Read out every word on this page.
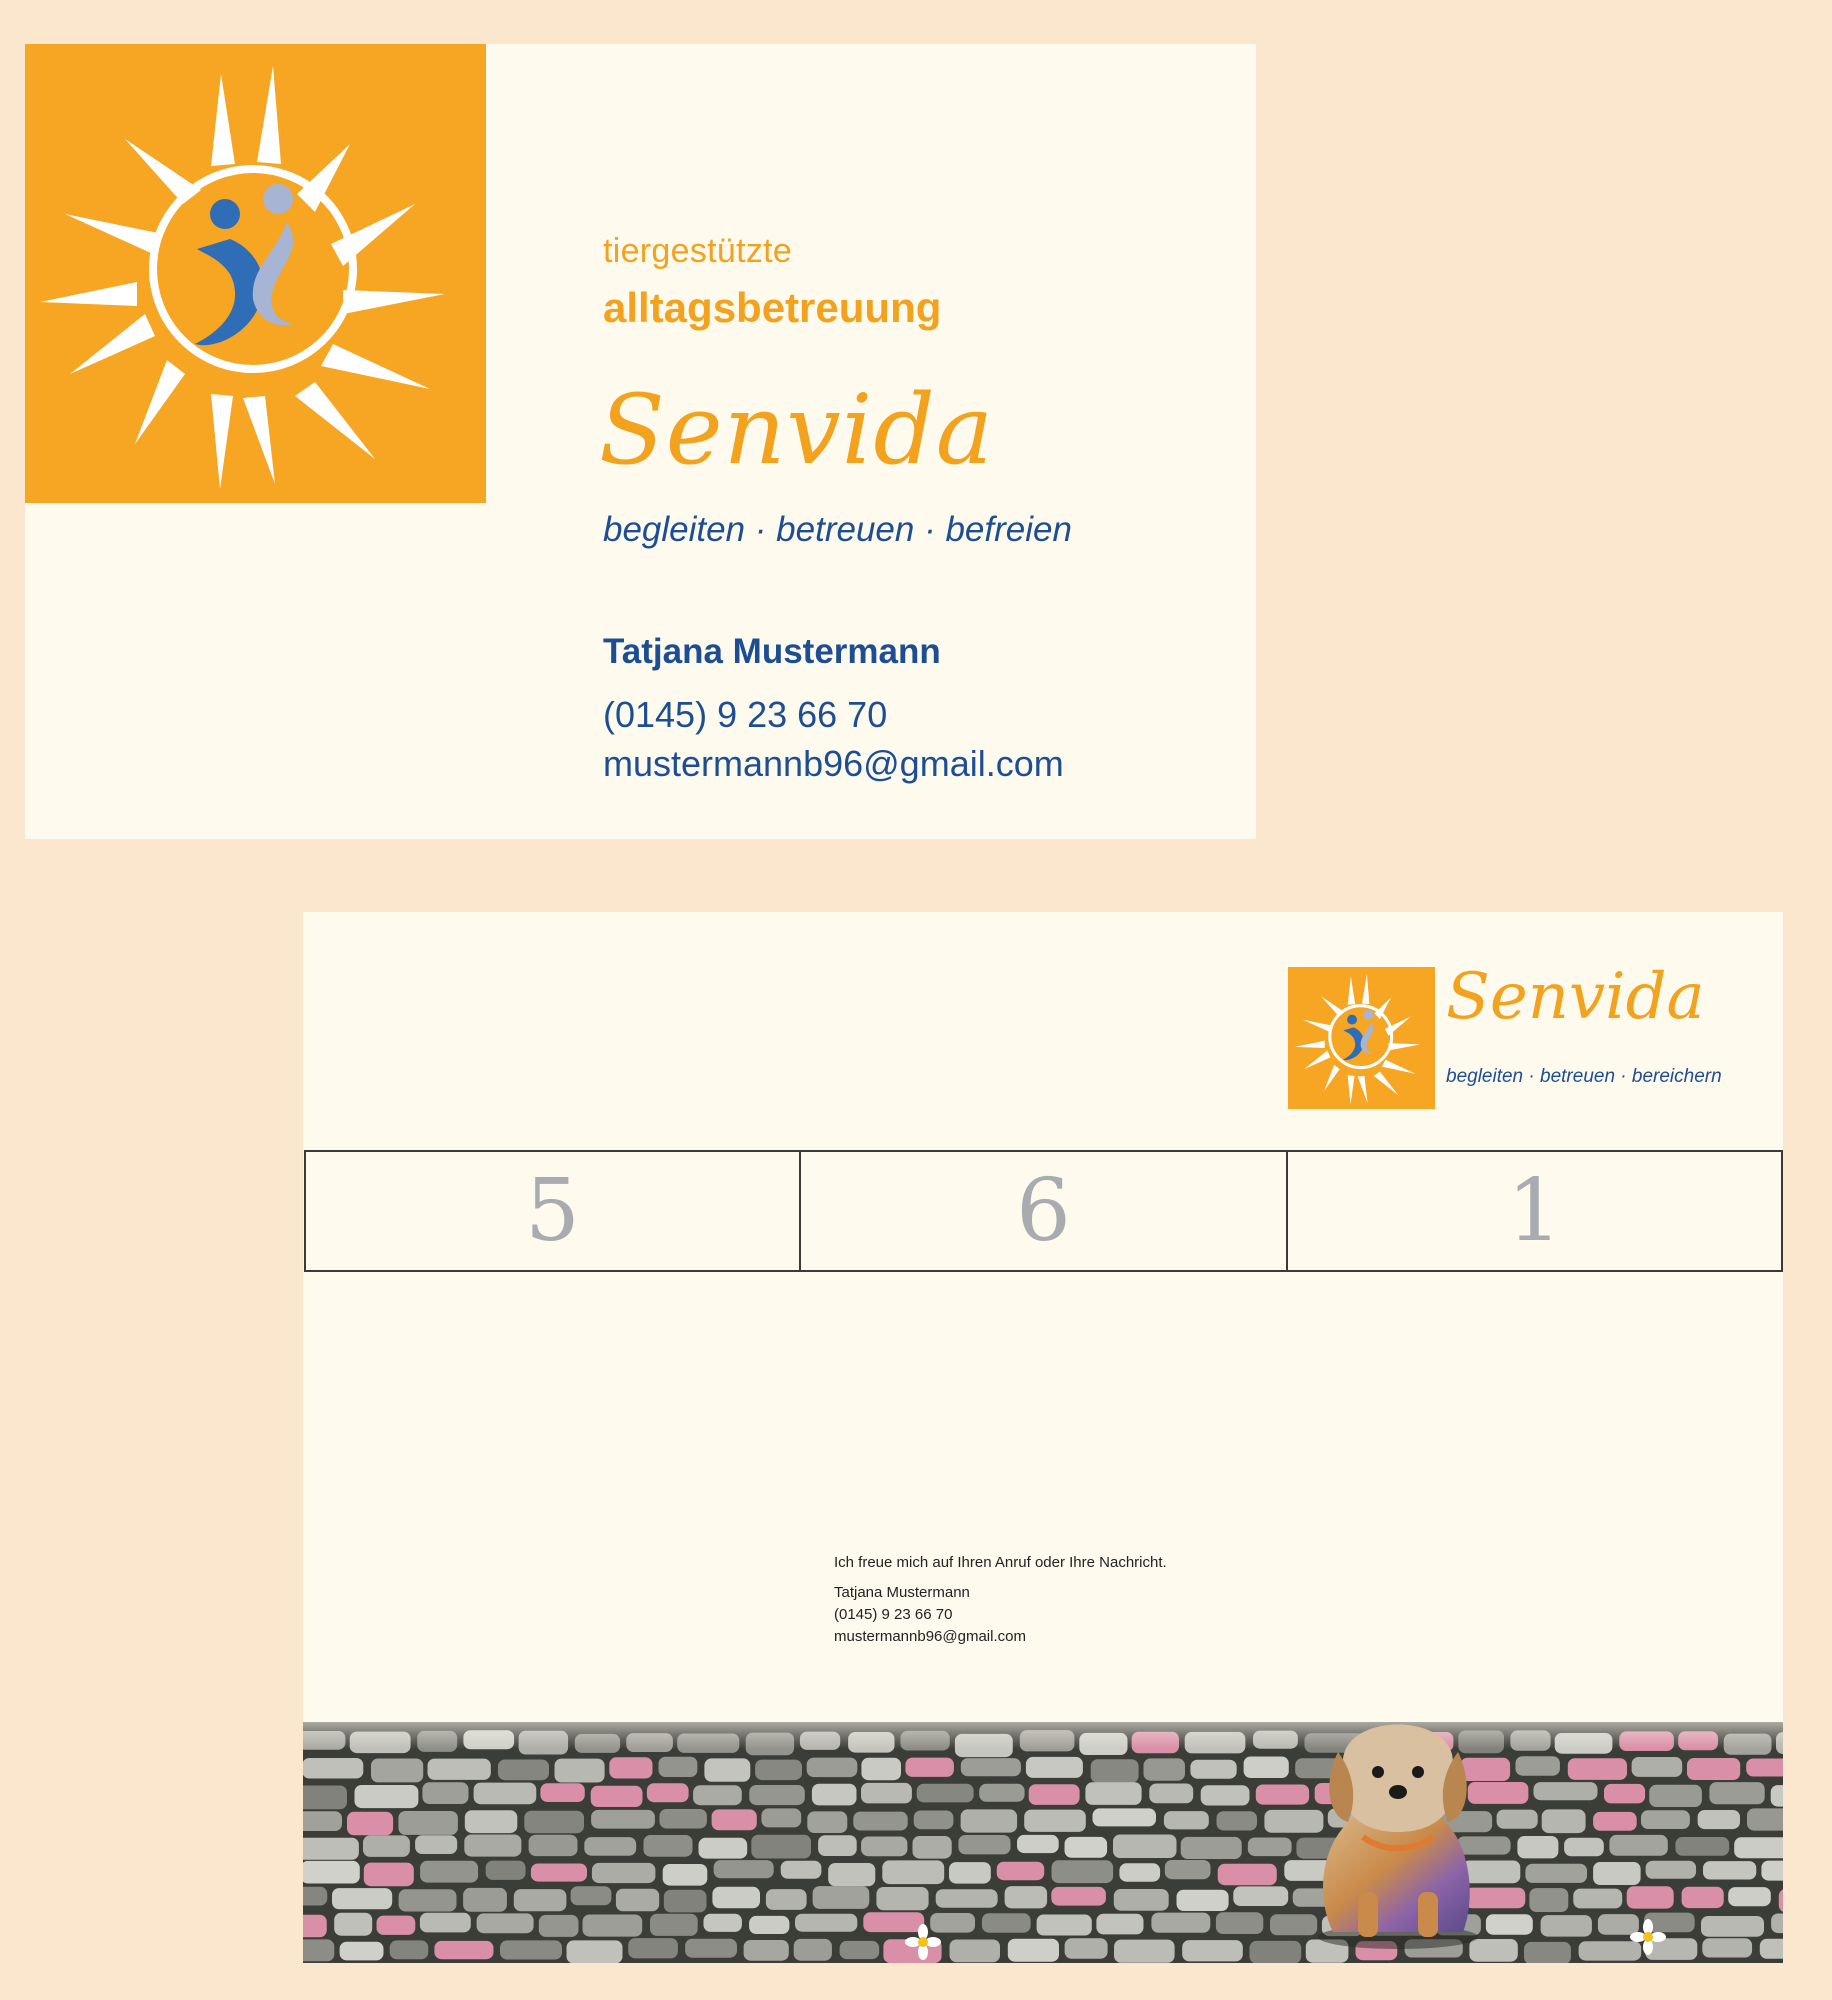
tiergestützte
alltagsbetreuung
Senvida
begleiten · betreuen · befreien
Tatjana Mustermann
(0145) 9 23 66 70
mustermannb96@gmail.com
Senvida
begleiten · betreuen · bereichern
5	6	1
Ich freue mich auf Ihren Anruf oder Ihre Nachricht.
Tatjana Mustermann
(0145) 9 23 66 70
mustermannb96@gmail.com
